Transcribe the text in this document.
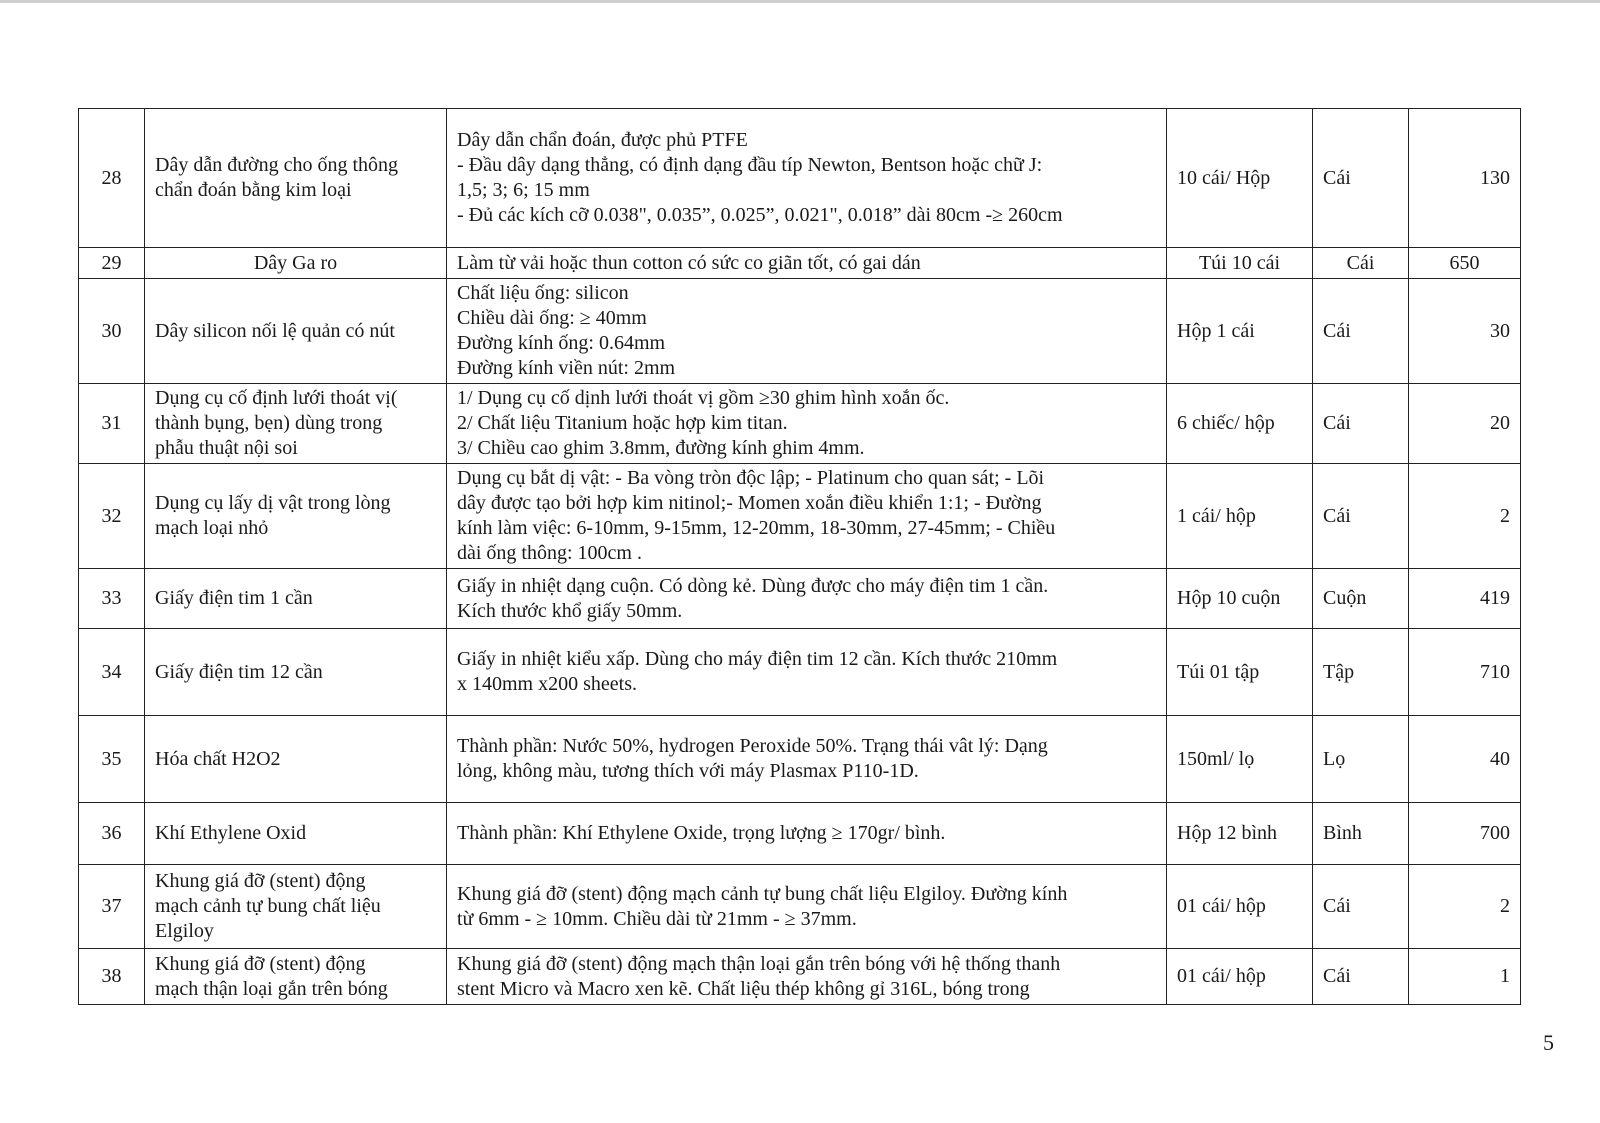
28	Dây dẫn đường cho ống thông
chẩn đoán bằng kim loại	Dây dẫn chẩn đoán, được phủ PTFE
- Đầu dây dạng thẳng, có định dạng đầu típ Newton, Bentson hoặc chữ J:
1,5; 3; 6; 15 mm
- Đủ các kích cỡ 0.038", 0.035”, 0.025”, 0.021", 0.018” dài 80cm -≥ 260cm	10 cái/ Hộp	Cái	130
29	Dây Ga ro	Làm từ vải hoặc thun cotton có sức co giãn tốt, có gai dán	Túi 10 cái	Cái	650
30	Dây silicon nối lệ quản có nút	Chất liệu ống: silicon
Chiều dài ống: ≥ 40mm
Đường kính ống: 0.64mm
Đường kính viền nút: 2mm	Hộp 1 cái	Cái	30
31	Dụng cụ cố định lưới thoát vị(
thành bụng, bẹn) dùng trong
phẫu thuật nội soi	1/ Dụng cụ cố dịnh lưới thoát vị gồm ≥30 ghim hình xoắn ốc.
2/ Chất liệu Titanium hoặc hợp kim titan.
3/ Chiều cao ghim 3.8mm, đường kính ghim 4mm.	6 chiếc/ hộp	Cái	20
32	Dụng cụ lấy dị vật trong lòng
mạch loại nhỏ	Dụng cụ bắt dị vật: - Ba vòng tròn độc lập; - Platinum cho quan sát; - Lõi
dây được tạo bởi hợp kim nitinol;- Momen xoắn điều khiển 1:1; - Đường
kính làm việc: 6-10mm, 9-15mm, 12-20mm, 18-30mm, 27-45mm; - Chiều
dài ống thông: 100cm .	1 cái/ hộp	Cái	2
33	Giấy điện tim 1 cần	Giấy in nhiệt dạng cuộn. Có dòng kẻ. Dùng được cho máy điện tim 1 cần.
Kích thước khổ giấy 50mm.	Hộp 10 cuộn	Cuộn	419
34	Giấy điện tim 12 cần	Giấy in nhiệt kiểu xấp. Dùng cho máy điện tim 12 cần. Kích thước 210mm
x 140mm x200 sheets.	Túi 01 tập	Tập	710
35	Hóa chất H2O2	Thành phần: Nước 50%, hydrogen Peroxide 50%. Trạng thái vât lý: Dạng
lỏng, không màu, tương thích với máy Plasmax P110-1D.	150ml/ lọ	Lọ	40
36	Khí Ethylene Oxid	Thành phần: Khí Ethylene Oxide, trọng lượng ≥ 170gr/ bình.	Hộp 12 bình	Bình	700
37	Khung giá đỡ (stent) động
mạch cảnh tự bung chất liệu
Elgiloy	Khung giá đỡ (stent) động mạch cảnh tự bung chất liệu Elgiloy. Đường kính
từ 6mm - ≥ 10mm. Chiều dài từ 21mm - ≥ 37mm.	01 cái/ hộp	Cái	2
38	Khung giá đỡ (stent) động
mạch thận loại gắn trên bóng	Khung giá đỡ (stent) động mạch thận loại gắn trên bóng với hệ thống thanh
stent Micro và Macro xen kẽ. Chất liệu thép không gỉ 316L, bóng trong	01 cái/ hộp	Cái	1
5
